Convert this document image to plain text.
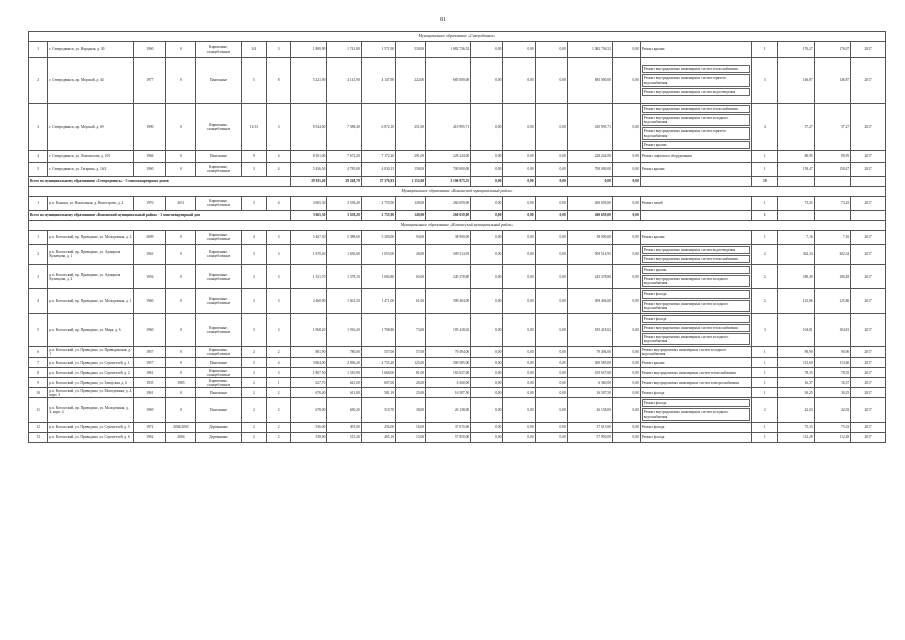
81
Муниципальное образование «Северодвинск»																					
1	г. Северодвинск, ул. Народная, д. 30	1960	0	Кирпичные, сланцеблочные	3/4	3	1 880,90	1 741,80	1 571,90	530,00	1 082 736,52	0,00	0,00	0,00	1 082 736,52	0,00	Ремонт крыши	1	176,27	176,07	2017
2	г. Северодвинск, пр. Морской, д. 44	1977	0	Панельные	5	8	5 221,90	4 141,90	4 147,90	222,00	685 000,00	0,00	0,00	0,00	685 000,00	0,00	Ремонт внутридомовых инженерных систем теплоснабжения
Ремонт внутридомовых инженерных систем горячего водоснабжения
Ремонт внутридомовых инженерных систем водоотведения	3	146,87	146,87	2017
3	г. Северодвинск, пр. Морской, д. 69	1990	0	Кирпичные, сланцеблочные	12/13	3	8 544,00	7 588,40	6 872,10	251,00	410 995,71	0,00	0,00	0,00	410 995,71	0,00	Ремонт внутридомовых инженерных систем теплоснабжения
Ремонт внутридомовых инженерных систем холодного водоснабжения
Ремонт внутридомовых инженерных систем горячего водоснабжения
Ремонт крыши	4	57,27	57,27	2017
4	г. Северодвинск, ул. Ломоносова, д. 105	1966	0	Панельные	9	4	8 301,00	7 672,20	7 172,20	291,00	228 244,00	0,00	0,00	0,00	228 244,00	0,00	Ремонт лифтового оборудования	1	80,95	80,95	2017
5	г. Северодвинск, ул. Гагарина, д. 16/2	1960	0	Кирпичные, сланцеблочные	3	4	5 436,50	4 785,00	4 030,13	158,00	700 000,00	0,00	0,00	0,00	700 000,00	0,00	Ремонт крыши	1	158,47	158,47	2017
Всего по муниципальному образованию «Северодвинск» - 5 многоквартирных домов							29 811,40	29 248,70	27 376,83	1 152,00	3 106 973,55	0,00	0,00	0,00	0,00	0,00		10			
Муниципальное образование «Коношский муниципальный район»																					
1	р.п. Коноша, ул. Вокзальная, д. Новостроек, д. 2	1970	2011	Кирпичные, сланцеблочные	3	4	3 665,30	3 558,20	2 755,90	149,00	260 659,00	0,00	0,00	0,00	260 659,00	0,00	Ремонт печей	1	73,25	73,25	2017
Всего по муниципальному образованию «Коношский муниципальный район» - 1 многоквартирный дом							3 665,30	3 558,20	2 755,90	149,00	260 659,00	0,00	0,00	0,00	260 659,00	0,00		1			
Муниципальное образование «Котласский муниципальный район»																					
1	р.п. Котласский, пр. Приводино, ул. Молодежная, д. 2	2009	0	Кирпичные, сланцеблочные	4	3	5 467,30	5 388,00	5 300,00	94,00	38 000,00	0,00	0,00	0,00	38 000,00	0,00	Ремонт крыши	1	7,16	7,16	2017
2	р.п. Котласский, пр. Приводино, ул. Адмирала Кузнецова, д. 1	1963	0	Кирпичные, сланцеблочные	3	3	1 670,40	1 656,00	1 055,00	40,00	509 514,95	0,00	0,00	0,00	509 514,95	0,00	Ремонт внутридомовых инженерных систем водоотведения
Ремонт внутридомовых инженерных систем теплоснабжения	2	302,34	302,34	2017
3	р.п. Котласский, пр. Приводино, ул. Адмирала Кузнецова, д. 2	1956	0	Кирпичные, сланцеблочные	3	3	1 331,70	1 378,10	1 004,80	65,00	245 378,80	0,00	0,00	0,00	245 378,80	0,00	Ремонт крыши
Ремонт внутридомовых инженерных систем холодного водоснабжения	2	180,49	180,49	2017
4	р.п. Котласский, пр. Приводино, ул. Молодежная, д. 1	1960	0	Кирпичные, сланцеблочные	3	3	2 460,90	1 601,50	1 471,00	61,00	309 404,00	0,00	0,00	0,00	309 404,00	0,00	Ремонт фасада
Ремонт внутридомовых инженерных систем холодного водоснабжения	2	125,86	125,86	2017
5	р.п. Котласский, пр. Приводино, ул. Мира, д. 6	1960	0	Кирпичные, сланцеблочные	3	3	1 968,20	1 916,20	1 708,80	73,00	185 418,02	0,00	0,00	0,00	185 418,02	0,00	Ремонт фасада
Ремонт внутридомовых инженерных систем теплоснабжения
Ремонт внутридомовых инженерных систем холодного водоснабжения	3	104,81	104,81	2017
6	р.п. Котласский, ул. Приводино, ул. Приводинская, д. 1	1957	0	Кирпичные, сланцеблочные	2	2	881,90	780,00	557,00	57,00	79 494,00	0,00	0,00	0,00	79 494,00	0,00	Ремонт внутридомовых инженерных систем холодного водоснабжения	1	90,90	90,90	2017
7	р.п. Котласский, ул. Приводино, ул. Строителей, д. 1	1957	0	Панельные	3	4	3 864,00	2 936,20	2 735,20	125,00	300 585,00	0,00	0,00	0,00	300 585,00	0,00	Ремонт крыши	1	113,60	113,60	2017
8	р.п. Котласский, ул. Приводино, ул. Строителей, д. 2	1961	0	Кирпичные, сланцеблочные	3	3	1 807,50	1 310,90	1 668,00	81,00	165 637,00	0,00	0,00	0,00	165 637,00	0,00	Ремонт внутридомовых инженерных систем теплоснабжения	1	78,35	78,35	2017
9	р.п. Котласский, ул. Приводино, ул. Заводская, д. 6	1935	1985	Кирпичные, сланцеблочные	2	1	627,70	641,00	607,00	26,00	6 360,00	0,00	0,00	0,00	6 360,00	0,00	Ремонт внутридомовых инженерных систем электроснабжения	1	16,37	16,37	2017
10	р.п. Котласский, ул. Приводино, ул. Молодежная, д. 4, корп. 3	1961	0	Панельные	2	2	676,40	611,00	581,10	25,00	16 507,50	0,00	0,00	0,00	16 507,50	0,00	Ремонт фасада	1	30,25	30,25	2017
11	р.п. Котласский, пр. Приводино, ул. Молодежная, д. 4, корп. 4	1969	0	Панельные	2	2	678,00	650,20	510,70	38,00	26 138,00	0,00	0,00	0,00	26 138,00	0,00	Ремонт фасада
Ремонт внутридомовых инженерных систем холодного водоснабжения	2	42,03	42,03	2017
12	р.п. Котласский, ул. Приводино, ул. Строителей, д. 5	1972	2004/2005	Деревянные	2	2	536,00	491,00	256,00	16,00	37 015,00	0,00	0,00	0,00	37 015,00	0,00	Ремонт фасада	1	75,33	75,33	2017
13	р.п. Котласский, ул. Приводино, ул. Строителей, д. 6	1962	2004	Деревянные	2	2	538,00	515,20	405,10	15,00	57 850,00	0,00	0,00	0,00	57 850,00	0,00	Ремонт фасада	1	112,28	112,28	2017
